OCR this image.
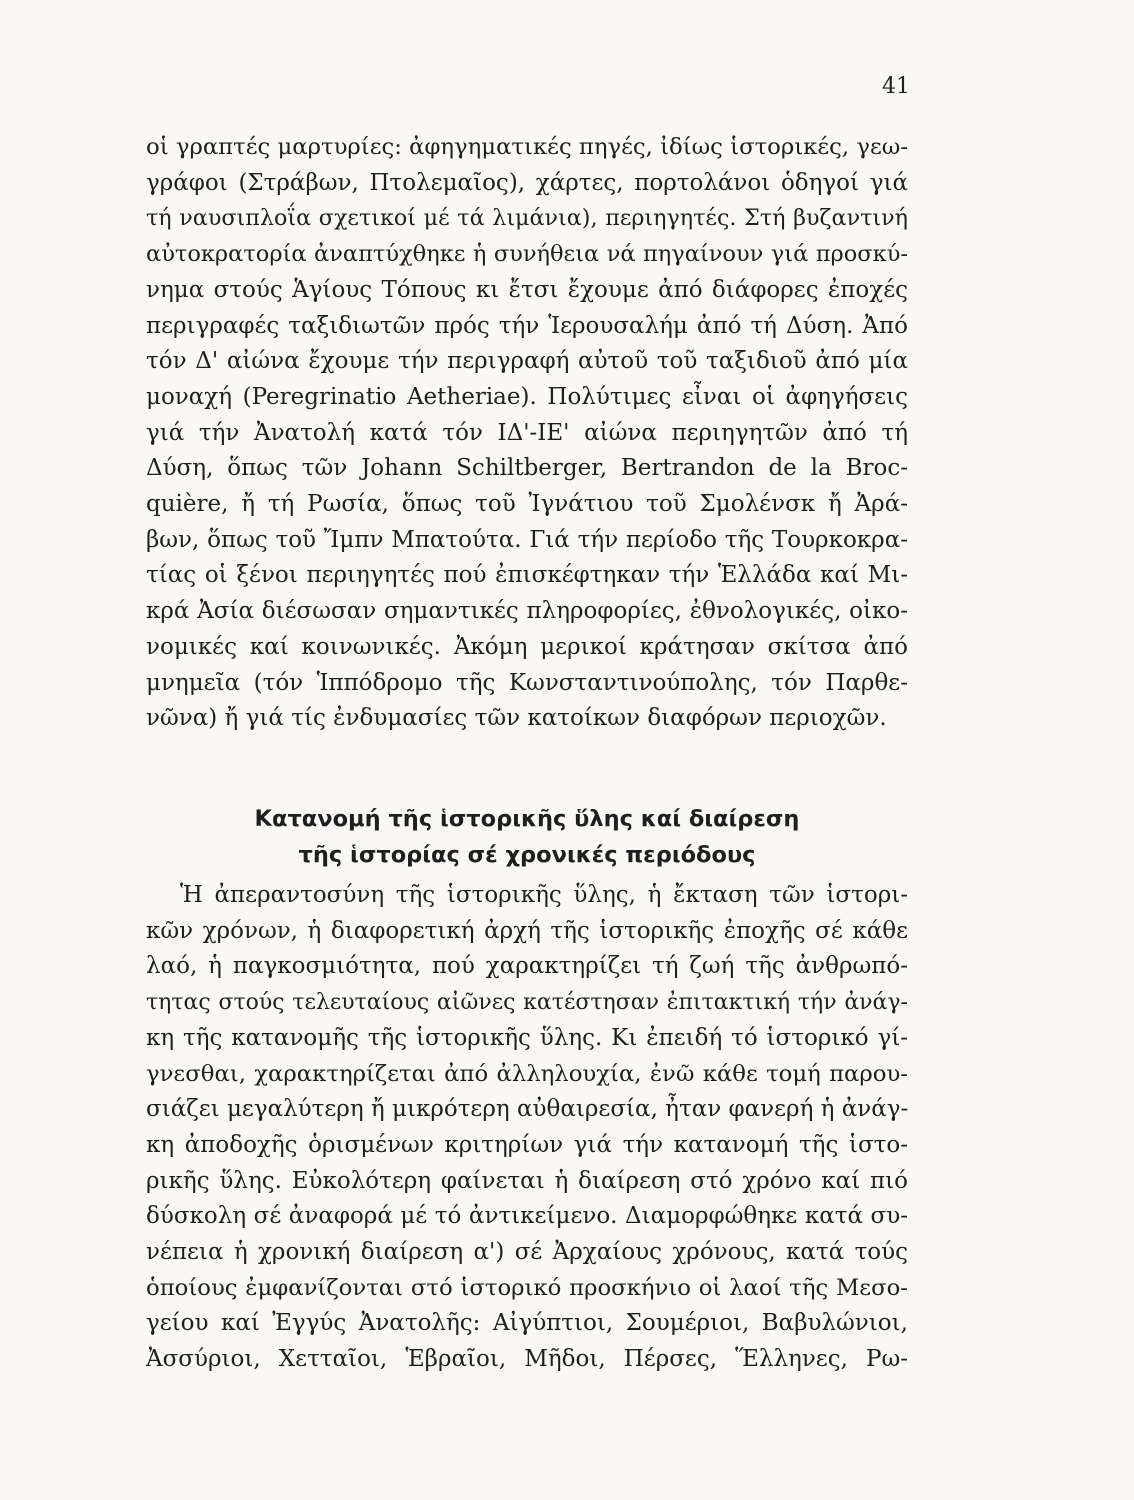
41
οἱ γραπτές μαρτυρίες: ἀφηγηματικές πηγές, ἰδίως ἱστορικές, γεω-
γράφοι (Στράβων, Πτολεμαῖος), χάρτες, πορτολάνοι ὁδηγοί γιά
τή ναυσιπλοΐα σχετικοί μέ τά λιμάνια), περιηγητές. Στή βυζαντινή
αὐτοκρατορία ἀναπτύχθηκε ἡ συνήθεια νά πηγαίνουν γιά προσκύ-
νημα στούς Ἁγίους Τόπους κι ἔτσι ἔχουμε ἀπό διάφορες ἐποχές
περιγραφές ταξιδιωτῶν πρός τήν Ἱερουσαλήμ ἀπό τή Δύση. Ἀπό
τόν Δ' αἰώνα ἔχουμε τήν περιγραφή αὐτοῦ τοῦ ταξιδιοῦ ἀπό μία
μοναχή (Peregrinatio Aetheriae). Πολύτιμες εἶναι οἱ ἀφηγήσεις
γιά τήν Ἀνατολή κατά τόν ΙΔ'-ΙΕ' αἰώνα περιηγητῶν ἀπό τή
Δύση, ὅπως τῶν Johann Schiltberger, Bertrandon de la Broc-
quière, ἤ τή Ρωσία, ὅπως τοῦ Ἰγνάτιου τοῦ Σμολένσκ ἤ Ἀρά-
βων, ὅπως τοῦ Ἴμπν Μπατούτα. Γιά τήν περίοδο τῆς Τουρκοκρα-
τίας οἱ ξένοι περιηγητές πού ἐπισκέφτηκαν τήν Ἑλλάδα καί Μι-
κρά Ἀσία διέσωσαν σημαντικές πληροφορίες, ἐθνολογικές, οἰκο-
νομικές καί κοινωνικές. Ἀκόμη μερικοί κράτησαν σκίτσα ἀπό
μνημεῖα (τόν Ἱππόδρομο τῆς Κωνσταντινούπολης, τόν Παρθε-
νῶνα) ἤ γιά τίς ἐνδυμασίες τῶν κατοίκων διαφόρων περιοχῶν.
Κατανομή τῆς ἱστορικῆς ὕλης καί διαίρεση
τῆς ἱστορίας σέ χρονικές περιόδους
Ἡ ἀπεραντοσύνη τῆς ἱστορικῆς ὕλης, ἡ ἔκταση τῶν ἱστορι-
κῶν χρόνων, ἡ διαφορετική ἀρχή τῆς ἱστορικῆς ἐποχῆς σέ κάθε
λαό, ἡ παγκοσμιότητα, πού χαρακτηρίζει τή ζωή τῆς ἀνθρωπό-
τητας στούς τελευταίους αἰῶνες κατέστησαν ἐπιτακτική τήν ἀνάγ-
κη τῆς κατανομῆς τῆς ἱστορικῆς ὕλης. Κι ἐπειδή τό ἱστορικό γί-
γνεσθαι, χαρακτηρίζεται ἀπό ἀλληλουχία, ἐνῶ κάθε τομή παρου-
σιάζει μεγαλύτερη ἤ μικρότερη αὐθαιρεσία, ἦταν φανερή ἡ ἀνάγ-
κη ἀποδοχῆς ὁρισμένων κριτηρίων γιά τήν κατανομή τῆς ἱστο-
ρικῆς ὕλης. Εὐκολότερη φαίνεται ἡ διαίρεση στό χρόνο καί πιό
δύσκολη σέ ἀναφορά μέ τό ἀντικείμενο. Διαμορφώθηκε κατά συ-
νέπεια ἡ χρονική διαίρεση α') σέ Ἀρχαίους χρόνους, κατά τούς
ὁποίους ἐμφανίζονται στό ἱστορικό προσκήνιο οἱ λαοί τῆς Μεσο-
γείου καί Ἐγγύς Ἀνατολῆς: Αἰγύπτιοι, Σουμέριοι, Βαβυλώνιοι,
Ἀσσύριοι, Χετταῖοι, Ἑβραῖοι, Μῆδοι, Πέρσες, Ἕλληνες, Ρω-
